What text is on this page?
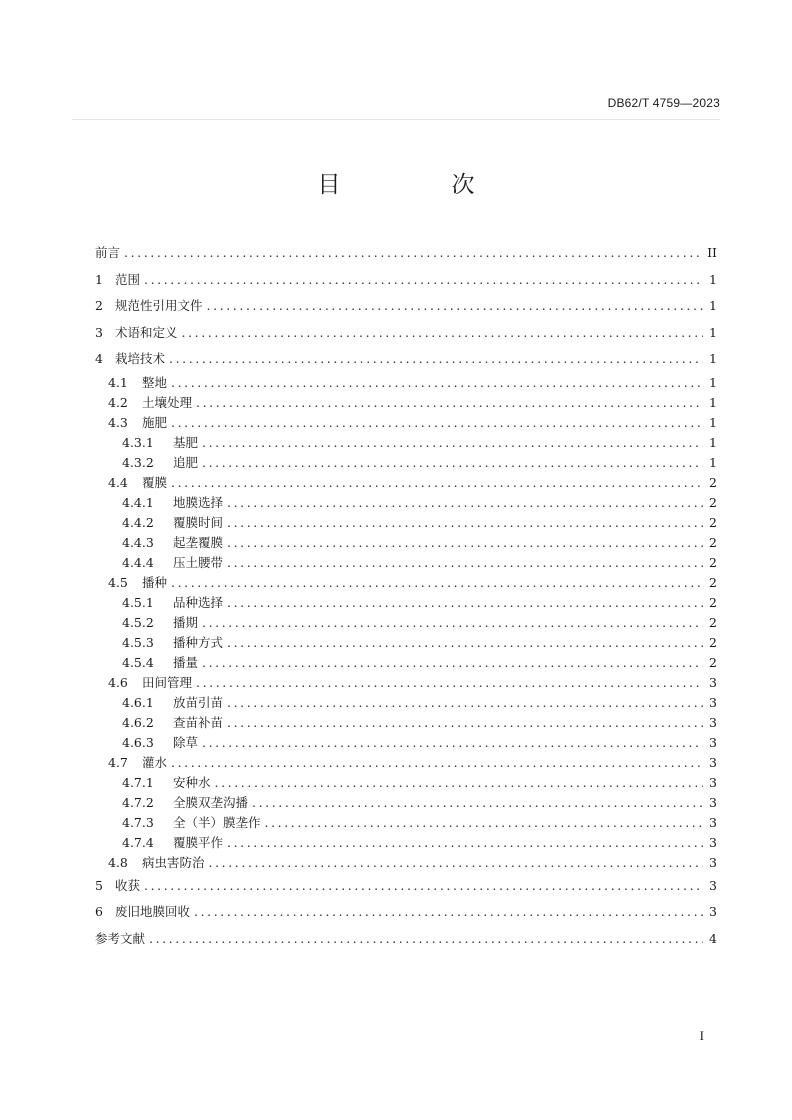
DB62/T 4759—2023
目　次
前言 .....	II
1 范围 .....	1
2 规范性引用文件 .....	1
3 术语和定义 .....	1
4 栽培技术 .....	1
4.1	整地 .....	1
4.2	土壤处理 .....	1
4.3	施肥 .....	1
4.3.1	基肥 .....	1
4.3.2	追肥 .....	1
4.4	覆膜 .....	2
4.4.1	地膜选择 .....	2
4.4.2	覆膜时间 .....	2
4.4.3	起垄覆膜 .....	2
4.4.4	压土腰带 .....	2
4.5	播种 .....	2
4.5.1	品种选择 .....	2
4.5.2	播期 .....	2
4.5.3	播种方式 .....	2
4.5.4	播量 .....	2
4.6	田间管理 .....	3
4.6.1	放苗引苗 .....	3
4.6.2	查苗补苗 .....	3
4.6.3	除草 .....	3
4.7	灌水 .....	3
4.7.1	安种水 .....	3
4.7.2	全膜双垄沟播 .....	3
4.7.3	全（半）膜垄作 .....	3
4.7.4	覆膜平作 .....	3
4.8	病虫害防治 .....	3
5 收获 .....	3
6 废旧地膜回收 .....	3
参考文献 .....	4
I
